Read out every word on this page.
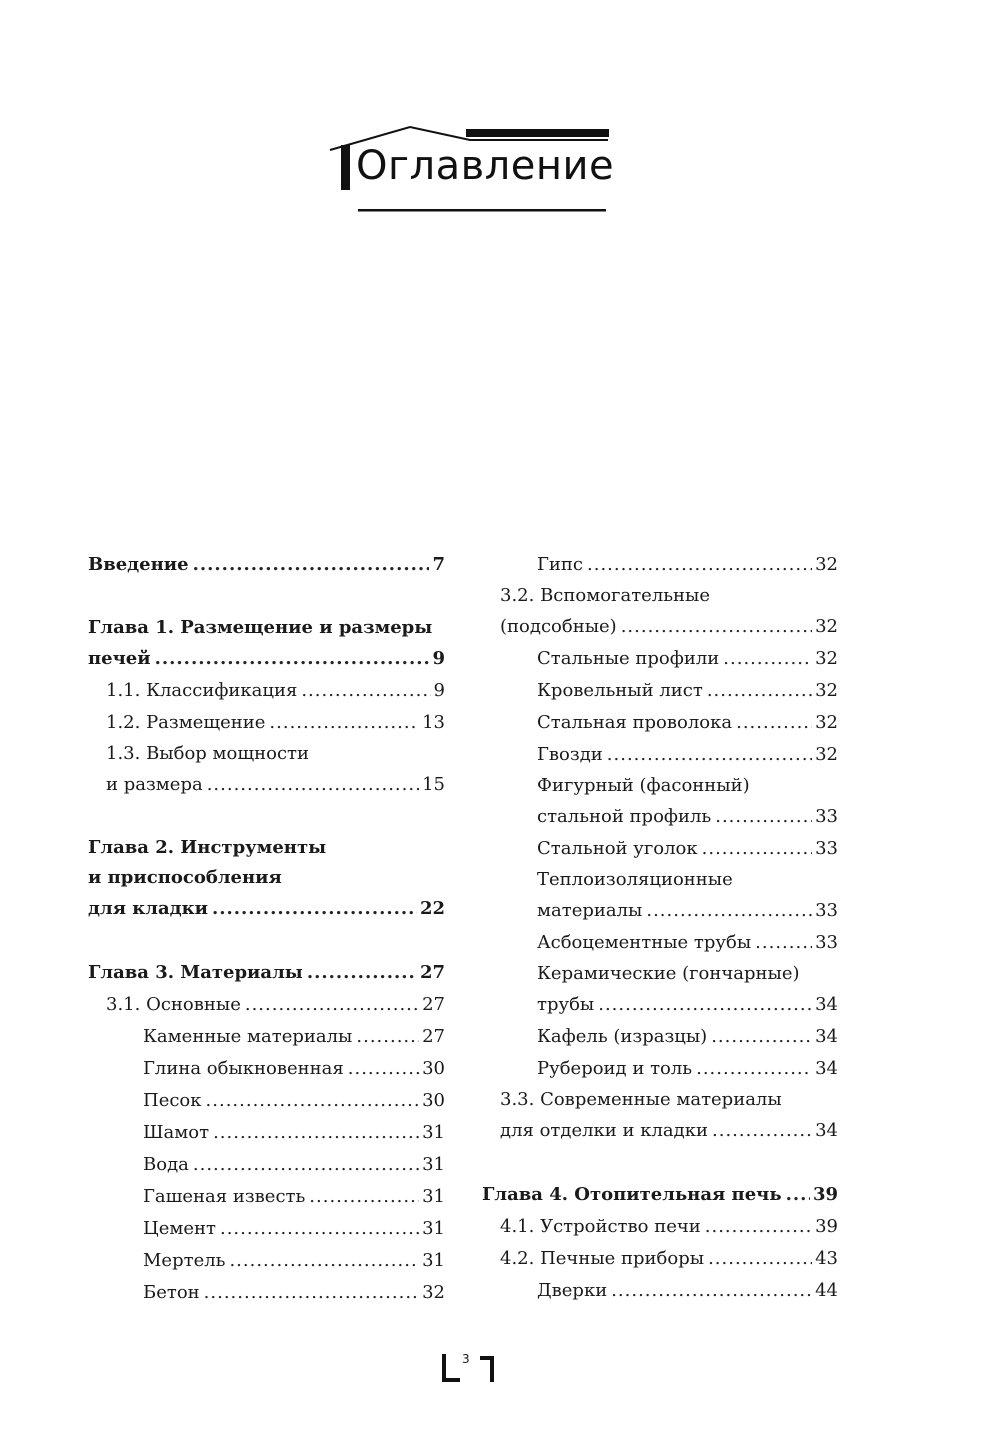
Оглавление
Введение .....	7
Глава 1. Размещение и размеры
печей .....	9
1.1. Классификация .....	9
1.2. Размещение .....	13
1.3. Выбор мощности
и размера .....	15
Глава 2. Инструменты
и приспособления
для кладки .....	22
Глава 3. Материалы .....	27
3.1. Основные .....	27
Каменные материалы .....	27
Глина обыкновенная .....	30
Песок .....	30
Шамот .....	31
Вода .....	31
Гашеная известь .....	31
Цемент .....	31
Мертель .....	31
Бетон .....	32
Гипс .....	32
3.2. Вспомогательные
(подсобные) .....	32
Стальные профили .....	32
Кровельный лист .....	32
Стальная проволока .....	32
Гвозди .....	32
Фигурный (фасонный)
стальной профиль .....	33
Стальной уголок .....	33
Теплоизоляционные
материалы .....	33
Асбоцементные трубы .....	33
Керамические (гончарные)
трубы .....	34
Кафель (изразцы) .....	34
Рубероид и толь .....	34
3.3. Современные материалы
для отделки и кладки .....	34
Глава 4. Отопительная печь ..... 39
4.1. Устройство печи .....	39
4.2. Печные приборы .....	43
Дверки .....	44
3
